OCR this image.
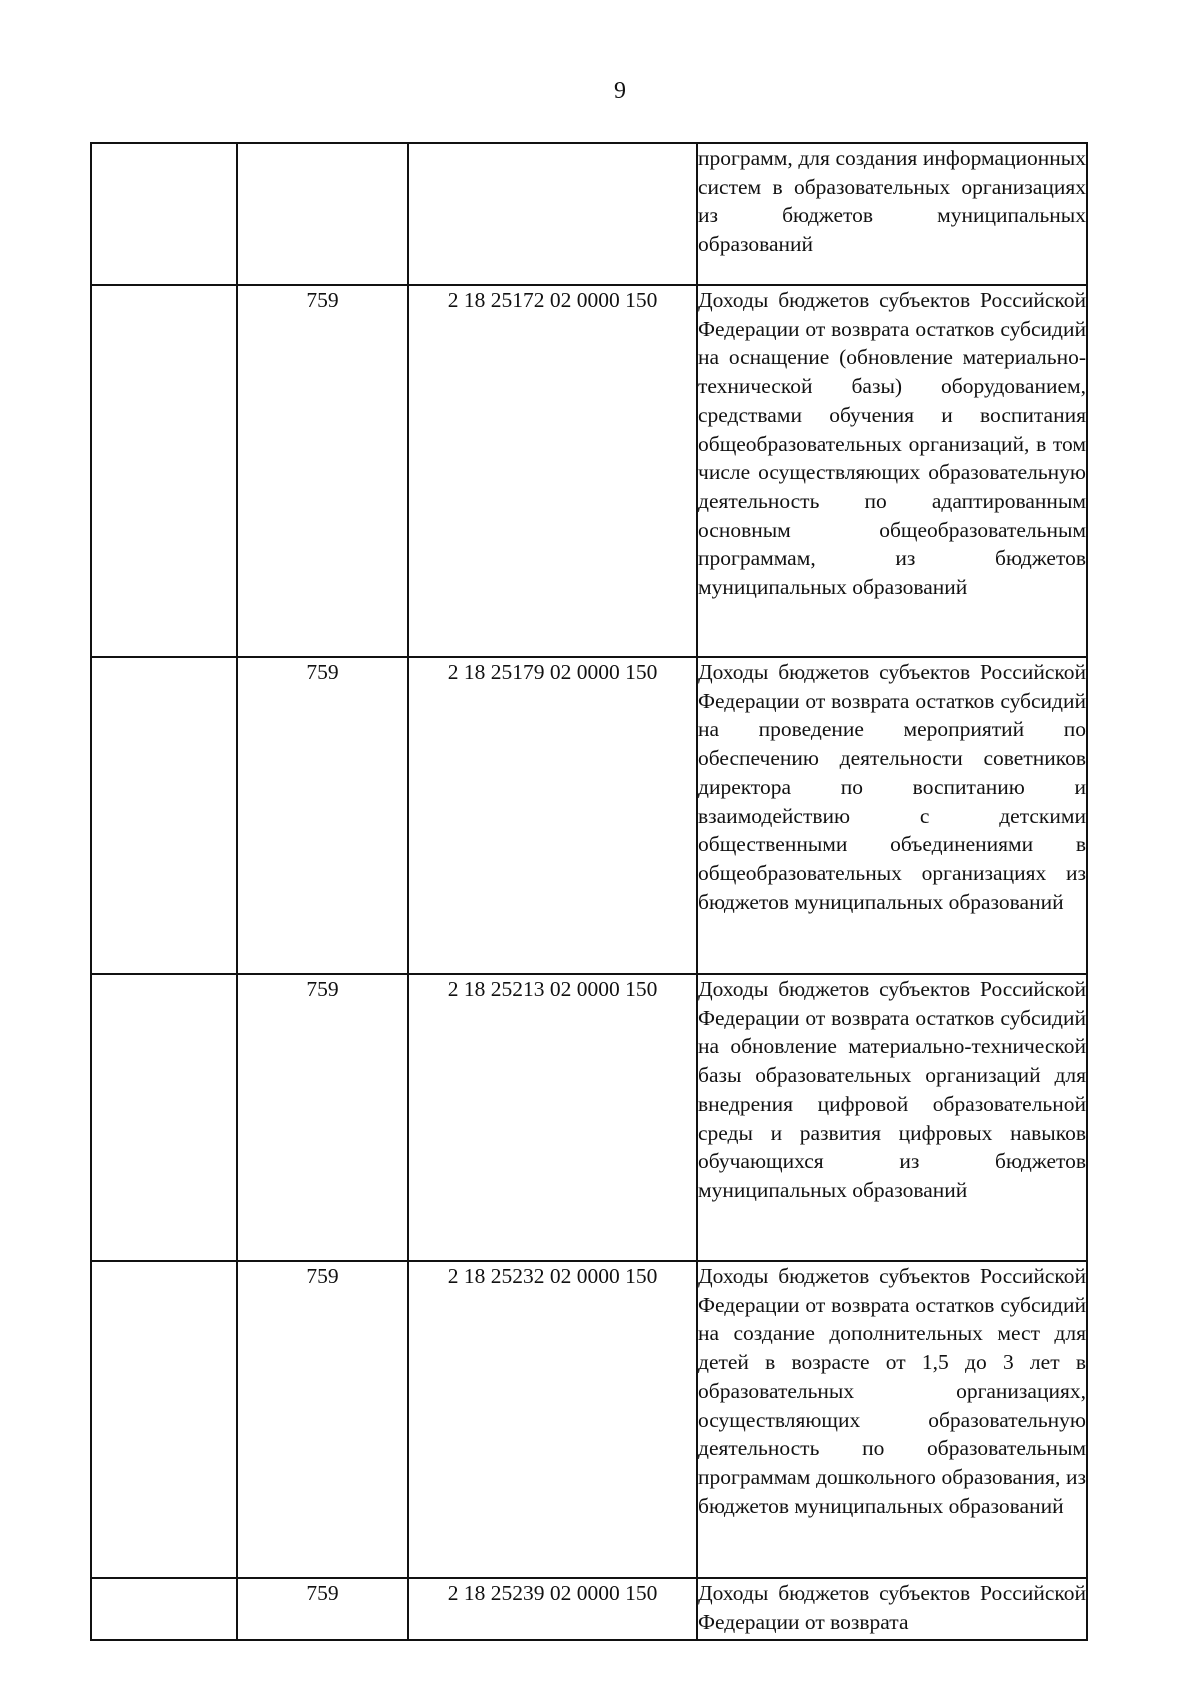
9
			программ, для создания информационных систем в образовательных организациях из бюджетов муниципальных образований
	759	2 18 25172 02 0000 150	Доходы бюджетов субъектов Российской Федерации от возврата остатков субсидий на оснащение (обновление материально-технической базы) оборудованием, средствами обучения и воспитания общеобразовательных организаций, в том числе осуществляющих образовательную деятельность по адаптированным основным общеобразовательным программам, из бюджетов муниципальных образований
	759	2 18 25179 02 0000 150	Доходы бюджетов субъектов Российской Федерации от возврата остатков субсидий на проведение мероприятий по обеспечению деятельности советников директора по воспитанию и взаимодействию с детскими общественными объединениями в общеобразовательных организациях из бюджетов муниципальных образований
	759	2 18 25213 02 0000 150	Доходы бюджетов субъектов Российской Федерации от возврата остатков субсидий на обновление материально-технической базы образовательных организаций для внедрения цифровой образовательной среды и развития цифровых навыков обучающихся из бюджетов муниципальных образований
	759	2 18 25232 02 0000 150	Доходы бюджетов субъектов Российской Федерации от возврата остатков субсидий на создание дополнительных мест для детей в возрасте от 1,5 до 3 лет в образовательных организациях, осуществляющих образовательную деятельность по образовательным программам дошкольного образования, из бюджетов муниципальных образований
	759	2 18 25239 02 0000 150	Доходы бюджетов субъектов Российской Федерации от возврата
